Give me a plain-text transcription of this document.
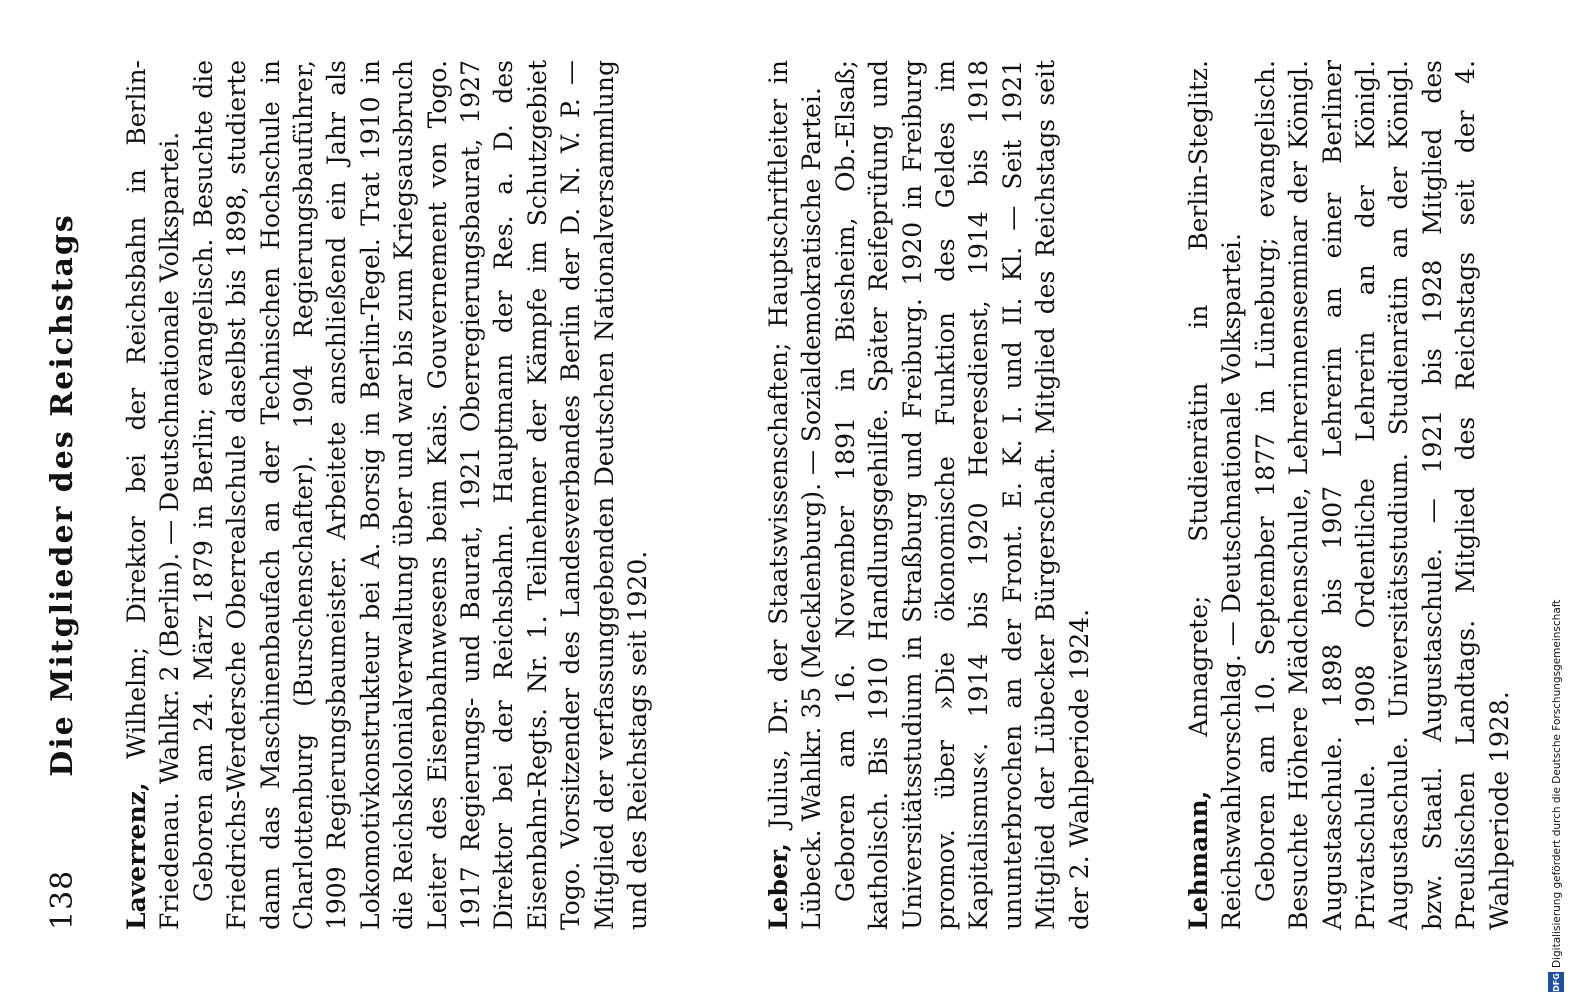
138
Die Mitglieder des Reichstags

Laverrenz, Wilhelm; Direktor bei der Reichsbahn in Berlin-Friedenau. Wahlkr. 2 (Berlin). — Deutschnationale Volkspartei. Geboren am 24. März 1879 in Berlin; evangelisch. Besuchte die Friedrichs-Werdersche Oberrealschule daselbst bis 1898, studierte dann das Maschinenbaufach an der Technischen Hochschule in Charlottenburg (Burschenschafter). 1904 Regierungsbauführer, 1909 Regierungsbaumeister. Arbeitete anschließend ein Jahr als Lokomotivkonstrukteur bei A. Borsig in Berlin-Tegel. Trat 1910 in die Reichskolonialverwaltung über und war bis zum Kriegsausbruch Leiter des Eisenbahnwesens beim Kais. Gouvernement von Togo. 1917 Regierungs- und Baurat, 1921 Oberregierungsbaurat, 1927 Direktor bei der Reichsbahn. Hauptmann der Res. a. D. des Eisenbahn-Regts. Nr. 1. Teilnehmer der Kämpfe im Schutzgebiet Togo. Vorsitzender des Landesverbandes Berlin der D. N. V. P. — Mitglied der verfassunggebenden Deutschen Nationalversammlung und des Reichstags seit 1920.	Leber, Julius, Dr. der Staatswissenschaften; Hauptschriftleiter in Lübeck. Wahlkr. 35 (Mecklenburg). — Sozialdemokratische Partei. Geboren am 16. November 1891 in Biesheim, Ob.-Elsaß; katholisch. Bis 1910 Handlungsgehilfe. Später Reifeprüfung und Universitätsstudium in Straßburg und Freiburg. 1920 in Freiburg promov. über »Die ökonomische Funktion des Geldes im Kapitalismus«. 1914 bis 1920 Heeresdienst, 1914 bis 1918 ununterbrochen an der Front. E. K. I. und II. Kl. — Seit 1921 Mitglied der Lübecker Bürgerschaft. Mitglied des Reichstags seit der 2. Wahlperiode 1924.	Lehmann, Annagrete; Studienrätin in Berlin-Steglitz. Reichswahlvorschlag. — Deutschnationale Volkspartei. Geboren am 10. September 1877 in Lüneburg; evangelisch. Besuchte Höhere Mädchenschule, Lehrerinnenseminar der Königl. Augustaschule. 1898 bis 1907 Lehrerin an einer Berliner Privatschule. 1908 Ordentliche Lehrerin an der Königl. Augustaschule. Universitätsstudium. Studienrätin an der Königl. bzw. Staatl. Augustaschule. — 1921 bis 1928 Mitglied des Preußischen Landtags. Mitglied des Reichstags seit der 4. Wahlperiode 1928.	Digitalisierung gefördert durch die Deutsche Forschungsgemeinschaft
DFG
